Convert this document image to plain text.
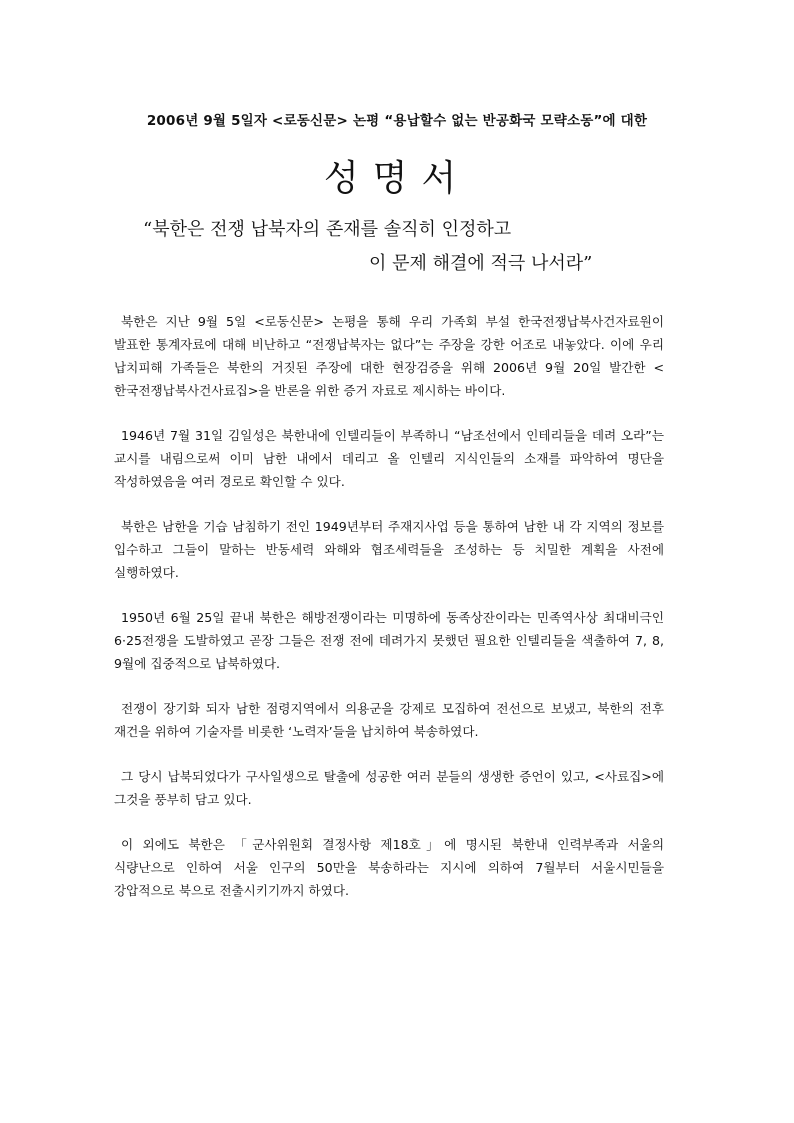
2006년 9월 5일자 <로동신문> 논평 “용납할수 없는 반공화국 모략소동”에 대한
성명서
“북한은 전쟁 납북자의 존재를 솔직히 인정하고
이 문제 해결에 적극 나서라”

북한은 지난 9월 5일 <로동신문> 논평을 통해 우리 가족회 부설 한국전쟁납북사건자료원이 발표한 통계자료에 대해 비난하고 “전쟁납북자는 없다”는 주장을 강한 어조로 내놓았다. 이에 우리 납치피해 가족들은 북한의 거짓된 주장에 대한 현장검증을 위해 2006년 9월 20일 발간한 <한국전쟁납북사건사료집>을 반론을 위한 증거 자료로 제시하는 바이다.

1946년 7월 31일 김일성은 북한내에 인텔리들이 부족하니 “남조선에서 인테리들을 데려 오라”는 교시를 내림으로써 이미 남한 내에서 데리고 올 인텔리 지식인들의 소재를 파악하여 명단을 작성하였음을 여러 경로로 확인할 수 있다.

북한은 남한을 기습 남침하기 전인 1949년부터 주재지사업 등을 통하여 남한 내 각 지역의 정보를 입수하고 그들이 말하는 반동세력 와해와 협조세력들을 조성하는 등 치밀한 계획을 사전에 실행하였다.

1950년 6월 25일 끝내 북한은 해방전쟁이라는 미명하에 동족상잔이라는 민족역사상 최대비극인 6·25전쟁을 도발하였고 곧장 그들은 전쟁 전에 데려가지 못했던 필요한 인텔리들을 색출하여 7, 8, 9월에 집중적으로 납북하였다.

전쟁이 장기화 되자 남한 점령지역에서 의용군을 강제로 모집하여 전선으로 보냈고, 북한의 전후 재건을 위하여 기술자를 비롯한 ‘노력자’들을 납치하여 북송하였다.

그 당시 납북되었다가 구사일생으로 탈출에 성공한 여러 분들의 생생한 증언이 있고, <사료집>에 그것을 풍부히 담고 있다.

이 외에도 북한은 「군사위원회 결정사항 제18호」에 명시된 북한내 인력부족과 서울의 식량난으로 인하여 서울 인구의 50만을 북송하라는 지시에 의하여 7월부터 서울시민들을 강압적으로 북으로 전출시키기까지 하였다.
